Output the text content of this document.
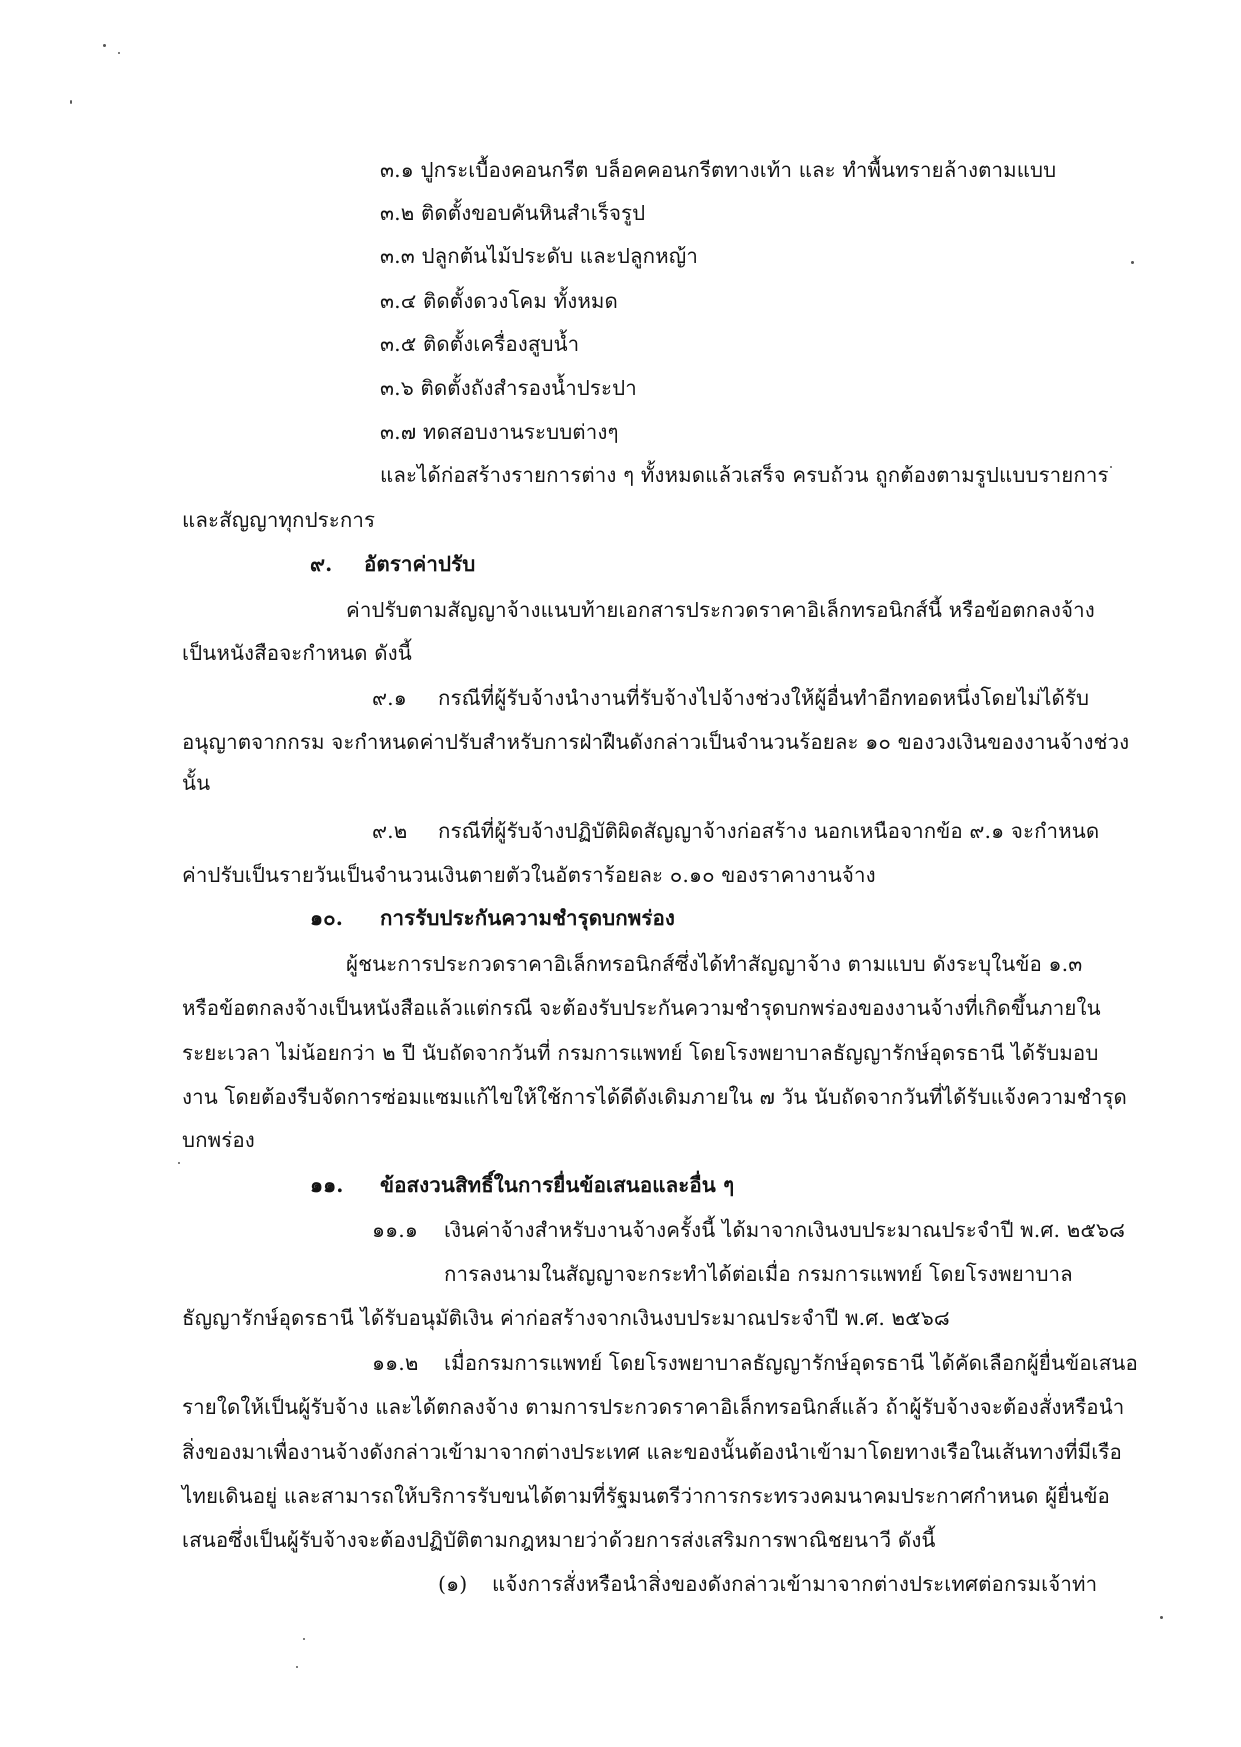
๓.๑ ปูกระเบื้องคอนกรีต บล็อคคอนกรีตทางเท้า และ ทำพื้นทรายล้างตามแบบ
๓.๒ ติดตั้งขอบคันหินสำเร็จรูป
๓.๓ ปลูกต้นไม้ประดับ และปลูกหญ้า
๓.๔ ติดตั้งดวงโคม ทั้งหมด
๓.๕ ติดตั้งเครื่องสูบน้ำ
๓.๖ ติดตั้งถังสำรองน้ำประปา
๓.๗ ทดสอบงานระบบต่างๆ
และได้ก่อสร้างรายการต่าง ๆ ทั้งหมดแล้วเสร็จ ครบถ้วน ถูกต้องตามรูปแบบรายการ
และสัญญาทุกประการ
๙. อัตราค่าปรับ
ค่าปรับตามสัญญาจ้างแนบท้ายเอกสารประกวดราคาอิเล็กทรอนิกส์นี้ หรือข้อตกลงจ้าง
เป็นหนังสือจะกำหนด ดังนี้
๙.๑ กรณีที่ผู้รับจ้างนำงานที่รับจ้างไปจ้างช่วงให้ผู้อื่นทำอีกทอดหนึ่งโดยไม่ได้รับ
อนุญาตจากกรม จะกำหนดค่าปรับสำหรับการฝ่าฝืนดังกล่าวเป็นจำนวนร้อยละ ๑๐ ของวงเงินของงานจ้างช่วง
นั้น
๙.๒ กรณีที่ผู้รับจ้างปฏิบัติผิดสัญญาจ้างก่อสร้าง นอกเหนือจากข้อ ๙.๑ จะกำหนด
ค่าปรับเป็นรายวันเป็นจำนวนเงินตายตัวในอัตราร้อยละ ๐.๑๐ ของราคางานจ้าง
๑๐. การรับประกันความชำรุดบกพร่อง
ผู้ชนะการประกวดราคาอิเล็กทรอนิกส์ซึ่งได้ทำสัญญาจ้าง ตามแบบ ดังระบุในข้อ ๑.๓
หรือข้อตกลงจ้างเป็นหนังสือแล้วแต่กรณี จะต้องรับประกันความชำรุดบกพร่องของงานจ้างที่เกิดขึ้นภายใน
ระยะเวลา ไม่น้อยกว่า ๒ ปี นับถัดจากวันที่ กรมการแพทย์ โดยโรงพยาบาลธัญญารักษ์อุดรธานี ได้รับมอบ
งาน โดยต้องรีบจัดการซ่อมแซมแก้ไขให้ใช้การได้ดีดังเดิมภายใน ๗ วัน นับถัดจากวันที่ได้รับแจ้งความชำรุด
บกพร่อง
๑๑. ข้อสงวนสิทธิ์ในการยื่นข้อเสนอและอื่น ๆ
๑๑.๑ เงินค่าจ้างสำหรับงานจ้างครั้งนี้ ได้มาจากเงินงบประมาณประจำปี พ.ศ. ๒๕๖๘
การลงนามในสัญญาจะกระทำได้ต่อเมื่อ กรมการแพทย์ โดยโรงพยาบาล
ธัญญารักษ์อุดรธานี ได้รับอนุมัติเงิน ค่าก่อสร้างจากเงินงบประมาณประจำปี พ.ศ. ๒๕๖๘
๑๑.๒ เมื่อกรมการแพทย์ โดยโรงพยาบาลธัญญารักษ์อุดรธานี ได้คัดเลือกผู้ยื่นข้อเสนอ
รายใดให้เป็นผู้รับจ้าง และได้ตกลงจ้าง ตามการประกวดราคาอิเล็กทรอนิกส์แล้ว ถ้าผู้รับจ้างจะต้องสั่งหรือนำ
สิ่งของมาเพื่องานจ้างดังกล่าวเข้ามาจากต่างประเทศ และของนั้นต้องนำเข้ามาโดยทางเรือในเส้นทางที่มีเรือ
ไทยเดินอยู่ และสามารถให้บริการรับขนได้ตามที่รัฐมนตรีว่าการกระทรวงคมนาคมประกาศกำหนด ผู้ยื่นข้อ
เสนอซึ่งเป็นผู้รับจ้างจะต้องปฏิบัติตามกฎหมายว่าด้วยการส่งเสริมการพาณิชยนาวี ดังนี้
(๑) แจ้งการสั่งหรือนำสิ่งของดังกล่าวเข้ามาจากต่างประเทศต่อกรมเจ้าท่า
